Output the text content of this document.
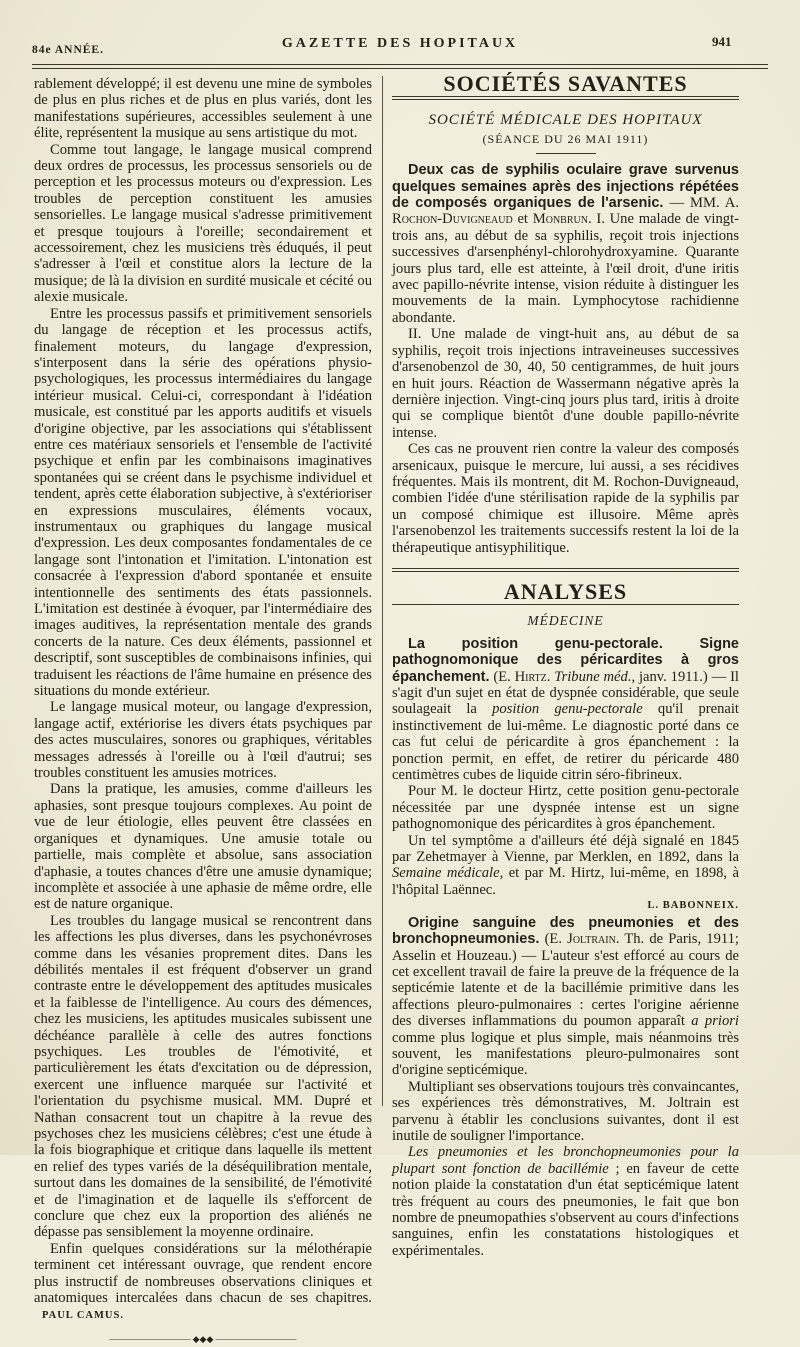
84e ANNÉE.	GAZETTE DES HOPITAUX	941

rablement développé; il est devenu une mine de symboles de plus en plus riches et de plus en plus variés, dont les manifestations supérieures, accessibles seulement à une élite, représentent la musique au sens artistique du mot.

Comme tout langage, le langage musical comprend deux ordres de processus, les processus sensoriels ou de perception et les processus moteurs ou d'expression. Les troubles de perception constituent les amusies sensorielles. Le langage musical s'adresse primitivement et presque toujours à l'oreille; secondairement et accessoirement, chez les musiciens très éduqués, il peut s'adresser à l'œil et constitue alors la lecture de la musique; de là la division en surdité musicale et cécité ou alexie musicale.

Entre les processus passifs et primitivement sensoriels du langage de réception et les processus actifs, finalement moteurs, du langage d'expression, s'interposent dans la série des opérations physio-psychologiques, les processus intermédiaires du langage intérieur musical. Celui-ci, correspondant à l'idéation musicale, est constitué par les apports auditifs et visuels d'origine objective, par les associations qui s'établissent entre ces matériaux sensoriels et l'ensemble de l'activité psychique et enfin par les combinaisons imaginatives spontanées qui se créent dans le psychisme individuel et tendent, après cette élaboration subjective, à s'extérioriser en expressions musculaires, éléments vocaux, instrumentaux ou graphiques du langage musical d'expression. Les deux composantes fondamentales de ce langage sont l'intonation et l'imitation. L'intonation est consacrée à l'expression d'abord spontanée et ensuite intentionnelle des sentiments des états passionnels. L'imitation est destinée à évoquer, par l'intermédiaire des images auditives, la représentation mentale des grands concerts de la nature. Ces deux éléments, passionnel et descriptif, sont susceptibles de combinaisons infinies, qui traduisent les réactions de l'âme humaine en présence des situations du monde extérieur.

Le langage musical moteur, ou langage d'expression, langage actif, extériorise les divers états psychiques par des actes musculaires, sonores ou graphiques, véritables messages adressés à l'oreille ou à l'œil d'autrui; ses troubles constituent les amusies motrices.

Dans la pratique, les amusies, comme d'ailleurs les aphasies, sont presque toujours complexes. Au point de vue de leur étiologie, elles peuvent être classées en organiques et dynamiques. Une amusie totale ou partielle, mais complète et absolue, sans association d'aphasie, a toutes chances d'être une amusie dynamique; incomplète et associée à une aphasie de même ordre, elle est de nature organique.

Les troubles du langage musical se rencontrent dans les affections les plus diverses, dans les psychonévroses comme dans les vésanies proprement dites. Dans les débilités mentales il est fréquent d'observer un grand contraste entre le développement des aptitudes musicales et la faiblesse de l'intelligence. Au cours des démences, chez les musiciens, les aptitudes musicales subissent une déchéance parallèle à celle des autres fonctions psychiques. Les troubles de l'émotivité, et particulièrement les états d'excitation ou de dépression, exercent une influence marquée sur l'activité et l'orientation du psychisme musical. MM. Dupré et Nathan consacrent tout un chapitre à la revue des psychoses chez les musiciens célèbres; c'est une étude à la fois biographique et critique dans laquelle ils mettent en relief des types variés de la déséquilibration mentale, surtout dans les domaines de la sensibilité, de l'émotivité et de l'imagination et de laquelle ils s'efforcent de conclure que chez eux la proportion des aliénés ne dépasse pas sensiblement la moyenne ordinaire.

Enfin quelques considérations sur la mélothérapie terminent cet intéressant ouvrage, que rendent encore plus instructif de nombreuses observations cliniques et anatomiques intercalées dans chacun de ses chapitres. PAUL CAMUS.

————————— ◆◆◆ —————————
SOCIÉTÉS SAVANTES
SOCIÉTÉ MÉDICALE DES HOPITAUX
(SÉANCE DU 26 MAI 1911)

Deux cas de syphilis oculaire grave survenus quelques semaines après des injections répétées de composés organiques de l'arsenic. — MM. A. Rochon-Duvigneaud et Monbrun. I. Une malade de vingt-trois ans, au début de sa syphilis, reçoit trois injections successives d'arsenphényl-chlorohydroxyamine. Quarante jours plus tard, elle est atteinte, à l'œil droit, d'une iritis avec papillo-névrite intense, vision réduite à distinguer les mouvements de la main. Lymphocytose rachidienne abondante.

II. Une malade de vingt-huit ans, au début de sa syphilis, reçoit trois injections intraveineuses successives d'arsenobenzol de 30, 40, 50 centigrammes, de huit jours en huit jours. Réaction de Wassermann négative après la dernière injection. Vingt-cinq jours plus tard, iritis à droite qui se complique bientôt d'une double papillo-névrite intense.

Ces cas ne prouvent rien contre la valeur des composés arsenicaux, puisque le mercure, lui aussi, a ses récidives fréquentes. Mais ils montrent, dit M. Rochon-Duvigneaud, combien l'idée d'une stérilisation rapide de la syphilis par un composé chimique est illusoire. Même après l'arsenobenzol les traitements successifs restent la loi de la thérapeutique antisyphilitique.

ANALYSES
MÉDECINE

La position genu-pectorale. Signe pathognomonique des péricardites à gros épanchement. (E. Hirtz. Tribune méd., janv. 1911.) — Il s'agit d'un sujet en état de dyspnée considérable, que seule soulageait la position genu-pectorale qu'il prenait instinctivement de lui-même. Le diagnostic porté dans ce cas fut celui de péricardite à gros épanchement : la ponction permit, en effet, de retirer du péricarde 480 centimètres cubes de liquide citrin séro-fibrineux.

Pour M. le docteur Hirtz, cette position genu-pectorale nécessitée par une dyspnée intense est un signe pathognomonique des péricardites à gros épanchement.

Un tel symptôme a d'ailleurs été déjà signalé en 1845 par Zehetmayer à Vienne, par Merklen, en 1892, dans la Semaine médicale, et par M. Hirtz, lui-même, en 1898, à l'hôpital Laënnec.

L. BABONNEIX.

Origine sanguine des pneumonies et des bronchopneumonies. (E. Joltrain. Th. de Paris, 1911; Asselin et Houzeau.) — L'auteur s'est efforcé au cours de cet excellent travail de faire la preuve de la fréquence de la septicémie latente et de la bacillémie primitive dans les affections pleuro-pulmonaires : certes l'origine aérienne des diverses inflammations du poumon apparaît a priori comme plus logique et plus simple, mais néanmoins très souvent, les manifestations pleuro-pulmonaires sont d'origine septicémique.

Multipliant ses observations toujours très convaincantes, ses expériences très démonstratives, M. Joltrain est parvenu à établir les conclusions suivantes, dont il est inutile de souligner l'importance.

Les pneumonies et les bronchopneumonies pour la plupart sont fonction de bacillémie ; en faveur de cette notion plaide la constatation d'un état septicémique latent très fréquent au cours des pneumonies, le fait que bon nombre de pneumopathies s'observent au cours d'infections sanguines, enfin les constatations histologiques et expérimentales.
